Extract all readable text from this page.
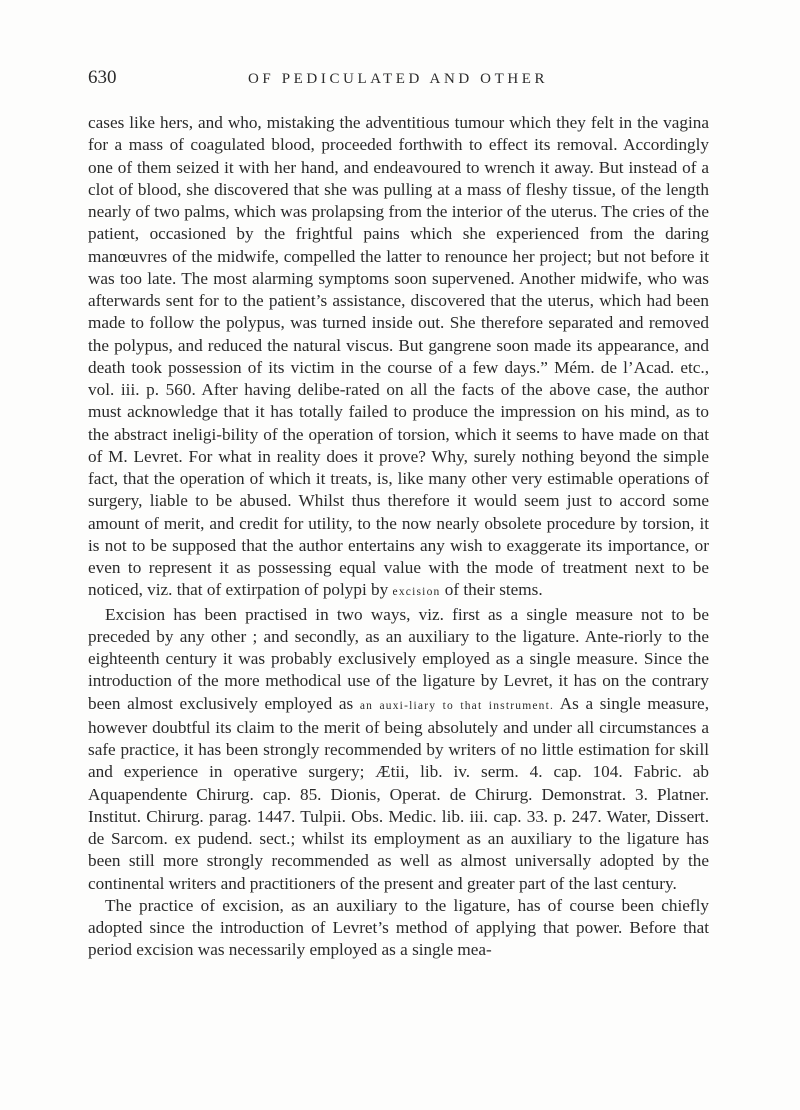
630	OF PEDICULATED AND OTHER

cases like hers, and who, mistaking the adventitious tumour which they felt in the vagina for a mass of coagulated blood, proceeded forthwith to effect its removal. Accordingly one of them seized it with her hand, and endeavoured to wrench it away. But instead of a clot of blood, she discovered that she was pulling at a mass of fleshy tissue, of the length nearly of two palms, which was prolapsing from the interior of the uterus. The cries of the patient, occasioned by the frightful pains which she experienced from the daring manœuvres of the midwife, compelled the latter to renounce her project; but not before it was too late. The most alarming symptoms soon supervened. Another midwife, who was afterwards sent for to the patient’s assistance, discovered that the uterus, which had been made to follow the polypus, was turned inside out. She therefore separated and removed the polypus, and reduced the natural viscus. But gangrene soon made its appearance, and death took possession of its victim in the course of a few days.” Mém. de l’Acad. etc., vol. iii. p. 560. After having delibe-rated on all the facts of the above case, the author must acknowledge that it has totally failed to produce the impression on his mind, as to the abstract ineligi-bility of the operation of torsion, which it seems to have made on that of M. Levret. For what in reality does it prove? Why, surely nothing beyond the simple fact, that the operation of which it treats, is, like many other very estimable operations of surgery, liable to be abused. Whilst thus therefore it would seem just to accord some amount of merit, and credit for utility, to the now nearly obsolete procedure by torsion, it is not to be supposed that the author entertains any wish to exaggerate its importance, or even to represent it as possessing equal value with the mode of treatment next to be noticed, viz. that of extirpation of polypi by excision of their stems.

Excision has been practised in two ways, viz. first as a single measure not to be preceded by any other ; and secondly, as an auxiliary to the ligature. Ante-riorly to the eighteenth century it was probably exclusively employed as a single measure. Since the introduction of the more methodical use of the ligature by Levret, it has on the contrary been almost exclusively employed as an auxi-liary to that instrument. As a single measure, however doubtful its claim to the merit of being absolutely and under all circumstances a safe practice, it has been strongly recommended by writers of no little estimation for skill and experience in operative surgery; Ætii, lib. iv. serm. 4. cap. 104. Fabric. ab Aquapendente Chirurg. cap. 85. Dionis, Operat. de Chirurg. Demonstrat. 3. Platner. Institut. Chirurg. parag. 1447. Tulpii. Obs. Medic. lib. iii. cap. 33. p. 247. Water, Dissert. de Sarcom. ex pudend. sect.; whilst its employment as an auxiliary to the ligature has been still more strongly recommended as well as almost universally adopted by the continental writers and practitioners of the present and greater part of the last century.

The practice of excision, as an auxiliary to the ligature, has of course been chiefly adopted since the introduction of Levret’s method of applying that power. Before that period excision was necessarily employed as a single mea-
